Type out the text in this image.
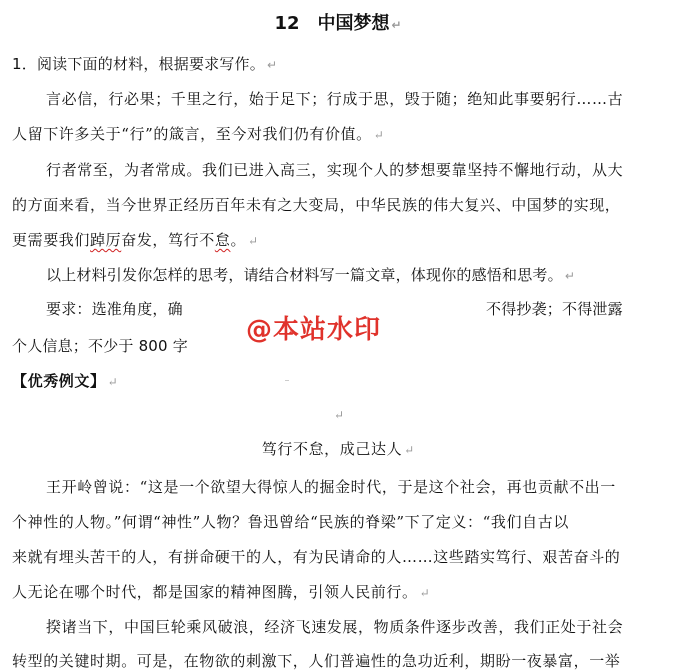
12 中国梦想 ↵
1．阅读下面的材料，根据要求写作。 ↵
言必信，行必果；千里之行，始于足下；行成于思，毁于随；绝知此事要躬行……古
人留下许多关于“行”的箴言，至今对我们仍有价值。 ↵
行者常至，为者常成。我们已进入高三，实现个人的梦想要靠坚持不懈地行动，从大
的方面来看，当今世界正经历百年未有之大变局，中华民族的伟大复兴、中国梦的实现，
更需要我们踔厉奋发，笃行不怠。 ↵
以上材料引发你怎样的思考，请结合材料写一篇文章，体现你的感悟和思考。 ↵
要求：选准角度，确	不得抄袭；不得泄露
个人信息；不少于 800 字
@本站水印
【优秀例文】 ↵
↵
笃行不怠，成己达人 ↵
王开岭曾说：“这是一个欲望大得惊人的掘金时代，于是这个社会，再也贡献不出一
个神性的人物。”何谓“神性”人物？鲁迅曾给“民族的脊梁”下了定义：“我们自古以
来就有埋头苦干的人，有拼命硬干的人，有为民请命的人……这些踏实笃行、艰苦奋斗的
人无论在哪个时代，都是国家的精神图腾，引领人民前行。 ↵
揆诸当下，中国巨轮乘风破浪，经济飞速发展，物质条件逐步改善，我们正处于社会
转型的关键时期。可是，在物欲的刺激下，人们普遍性的急功近利，期盼一夜暴富，一举
